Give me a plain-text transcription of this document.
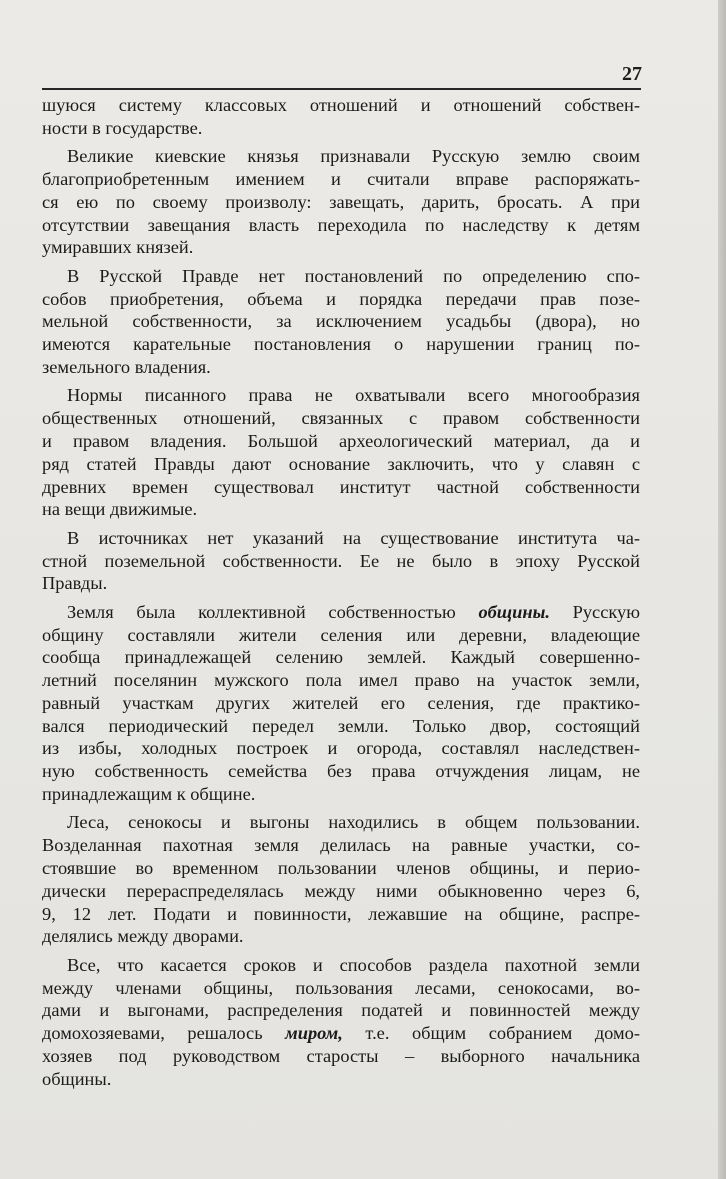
27

шуюся систему классовых отношений и отношений собствен-
ности в государстве.

Великие киевские князья признавали Русскую землю своим
благоприобретенным имением и считали вправе распоряжать-
ся ею по своему произволу: завещать, дарить, бросать. А при
отсутствии завещания власть переходила по наследству к детям
умиравших князей.

В Русской Правде нет постановлений по определению спо-
собов приобретения, объема и порядка передачи прав позе-
мельной собственности, за исключением усадьбы (двора), но
имеются карательные постановления о нарушении границ по-
земельного владения.

Нормы писанного права не охватывали всего многообразия
общественных отношений, связанных с правом собственности
и правом владения. Большой археологический материал, да и
ряд статей Правды дают основание заключить, что у славян с
древних времен существовал институт частной собственности
на вещи движимые.

В источниках нет указаний на существование института ча-
стной поземельной собственности. Ее не было в эпоху Русской
Правды.

Земля была коллективной собственностью общины. Русскую
общину составляли жители селения или деревни, владеющие
сообща принадлежащей селению землей. Каждый совершенно-
летний поселянин мужского пола имел право на участок земли,
равный участкам других жителей его селения, где практико-
вался периодический передел земли. Только двор, состоящий
из избы, холодных построек и огорода, составлял наследствен-
ную собственность семейства без права отчуждения лицам, не
принадлежащим к общине.

Леса, сенокосы и выгоны находились в общем пользовании.
Возделанная пахотная земля делилась на равные участки, со-
стоявшие во временном пользовании членов общины, и перио-
дически перераспределялась между ними обыкновенно через 6,
9, 12 лет. Подати и повинности, лежавшие на общине, распре-
делялись между дворами.

Все, что касается сроков и способов раздела пахотной земли
между членами общины, пользования лесами, сенокосами, во-
дами и выгонами, распределения податей и повинностей между
домохозяевами, решалось миром, т.е. общим собранием домо-
хозяев под руководством старосты – выборного начальника
общины.
